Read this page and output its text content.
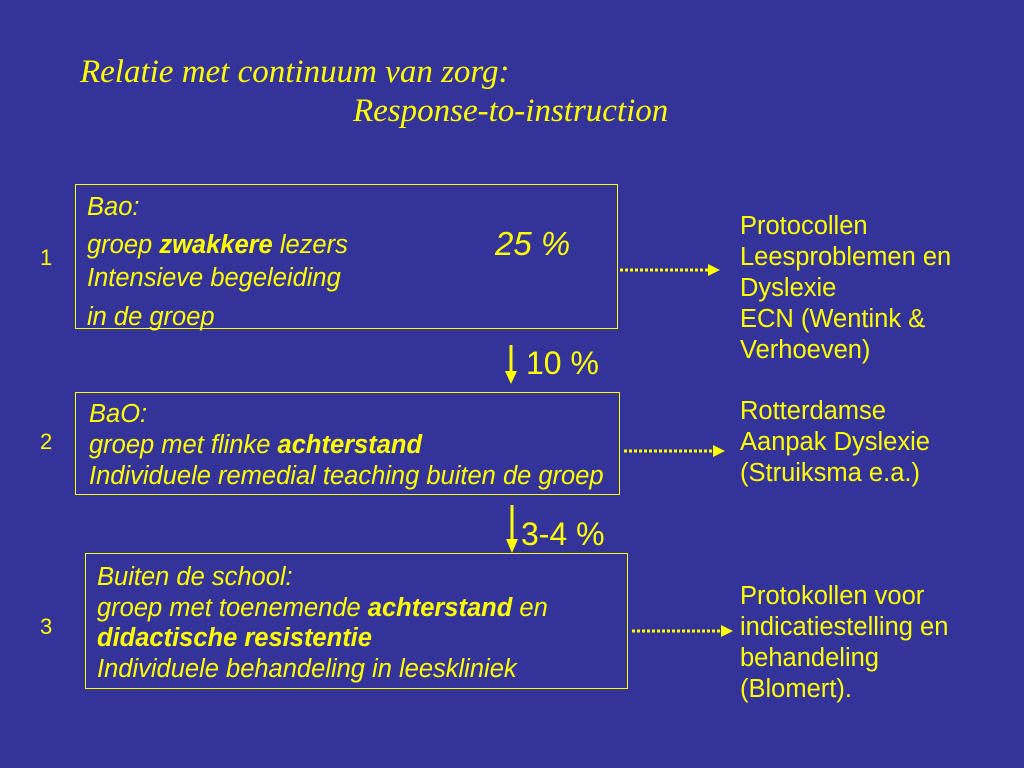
Relatie met continuum van zorg:
Response-to-instruction
1
Bao:
groep zwakkere lezers
Intensieve begeleiding
in de groep
25 %	Protocollen
Leesproblemen en
Dyslexie
ECN (Wentink &
Verhoeven)
10 %
2
BaO:
groep met flinke achterstand
Individuele remedial teaching buiten de groep
Rotterdamse
Aanpak Dyslexie
(Struiksma e.a.)
3-4 %
3
Buiten de school:
groep met toenemende achterstand en
didactische resistentie
Individuele behandeling in leeskliniek
Protokollen voor
indicatiestelling en
behandeling
(Blomert).
